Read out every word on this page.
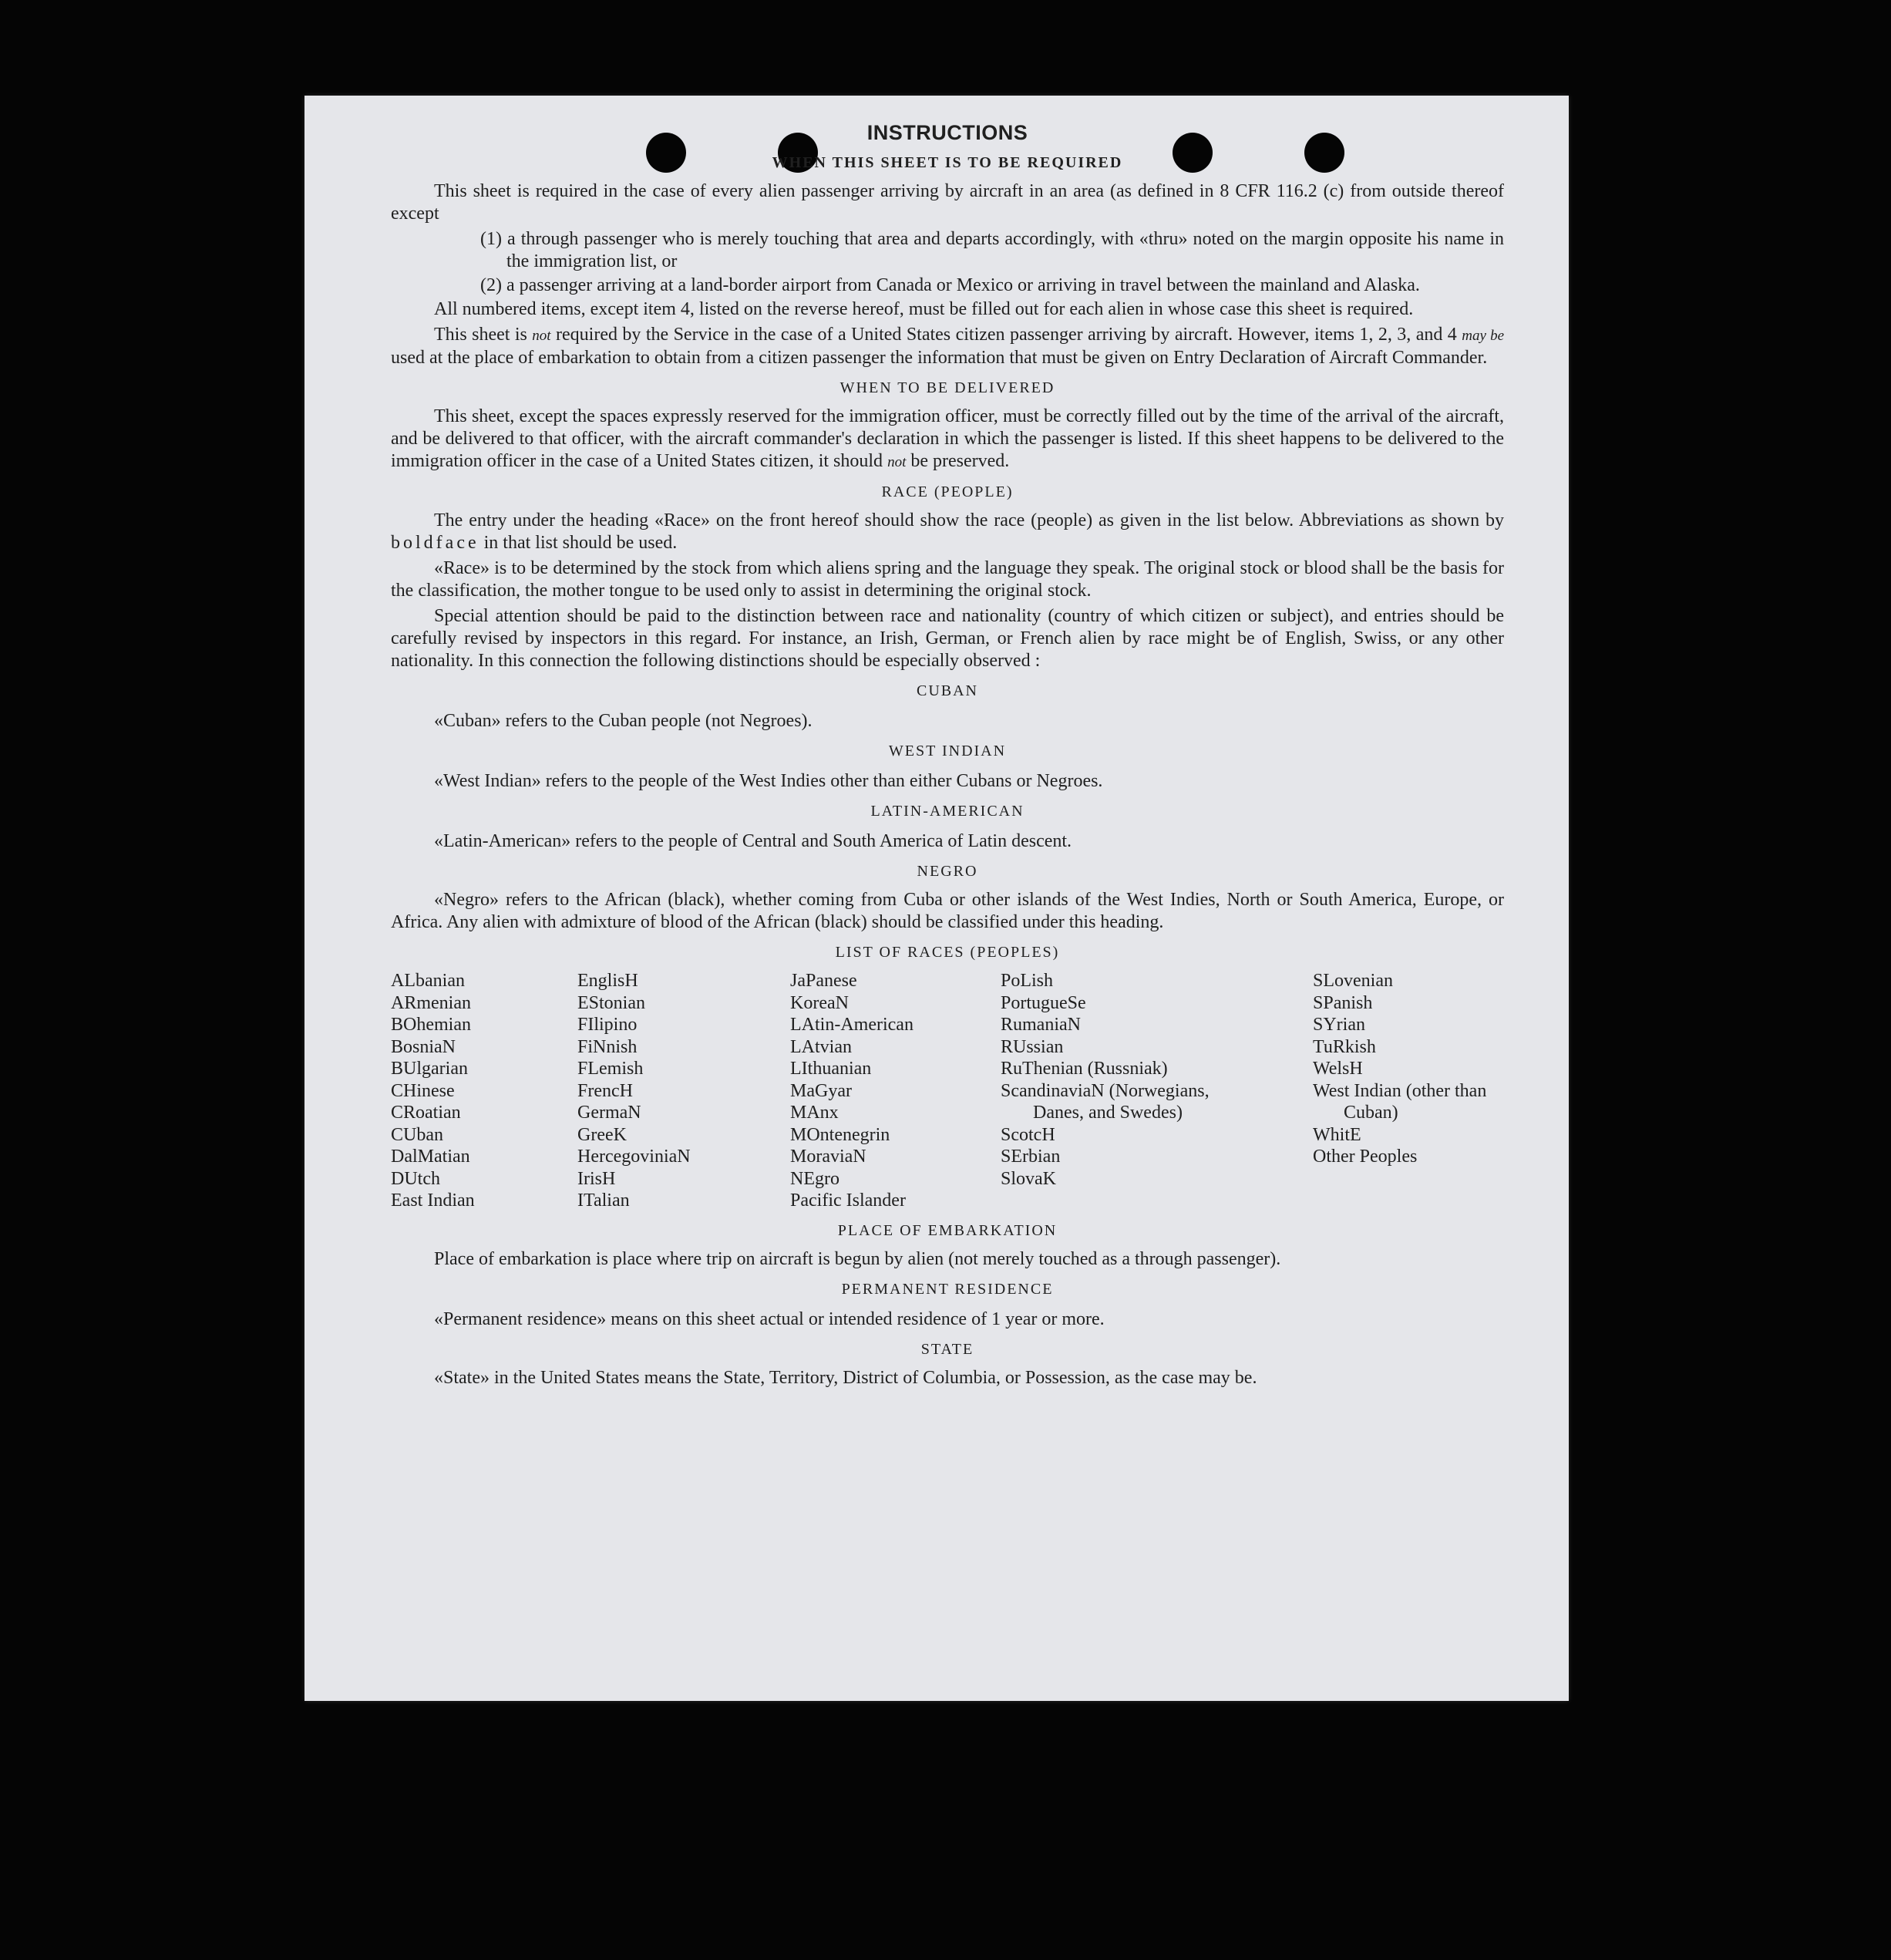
INSTRUCTIONS
WHEN THIS SHEET IS TO BE REQUIRED

This sheet is required in the case of every alien passenger arriving by aircraft in an area (as defined in 8 CFR 116.2 (c) from outside thereof except

(1) a through passenger who is merely touching that area and departs accordingly, with «thru» noted on the margin opposite his name in the immigration list, or
(2) a passenger arriving at a land-border airport from Canada or Mexico or arriving in travel between the mainland and Alaska.

All numbered items, except item 4, listed on the reverse hereof, must be filled out for each alien in whose case this sheet is required.

This sheet is not required by the Service in the case of a United States citizen passenger arriving by aircraft. However, items 1, 2, 3, and 4 may be used at the place of embarkation to obtain from a citizen passenger the information that must be given on Entry Declaration of Aircraft Commander.

WHEN TO BE DELIVERED

This sheet, except the spaces expressly reserved for the immigration officer, must be correctly filled out by the time of the arrival of the aircraft, and be delivered to that officer, with the aircraft commander's declaration in which the passenger is listed. If this sheet happens to be delivered to the immigration officer in the case of a United States citizen, it should not be preserved.

RACE (PEOPLE)

The entry under the heading «Race» on the front hereof should show the race (people) as given in the list below. Abbreviations as shown by boldface in that list should be used.

«Race» is to be determined by the stock from which aliens spring and the language they speak. The original stock or blood shall be the basis for the classification, the mother tongue to be used only to assist in determining the original stock.

Special attention should be paid to the distinction between race and nationality (country of which citizen or subject), and entries should be carefully revised by inspectors in this regard. For instance, an Irish, German, or French alien by race might be of English, Swiss, or any other nationality. In this connection the following distinctions should be especially observed :

CUBAN
«Cuban» refers to the Cuban people (not Negroes).
WEST INDIAN
«West Indian» refers to the people of the West Indies other than either Cubans or Negroes.
LATIN-AMERICAN
«Latin-American» refers to the people of Central and South America of Latin descent.
NEGRO

«Negro» refers to the African (black), whether coming from Cuba or other islands of the West Indies, North or South America, Europe, or Africa. Any alien with admixture of blood of the African (black) should be classified under this heading.

LIST OF RACES (PEOPLES)
ALbanian
ARmenian
BOhemian
BosniaN
BUlgarian
CHinese
CRoatian
CUban
DalMatian
DUtch
East Indian
EnglisH
EStonian
FIlipino
FiNnish
FLemish
FrencH
GermaN
GreeK
HercegovinіaN
IrisH
ITalian
JaPanese
KoreaN
LAtin-American
LAtvian
LIthuanian
MaGyar
MAnx
MOntenegrin
MoraviaN
NEgro
Pacific Islander
PoLish
PortugueSe
RumaniaN
RUssian
RuThenian (Russniak)
ScandinaviaN (Norwegians, Danes, and Swedes)
ScotcH
SErbian
SlovaK
SLovenian
SPanish
SYrian
TuRkish
WelsH
West Indian (other than Cuban)
WhitE
Other Peoples
PLACE OF EMBARKATION

Place of embarkation is place where trip on aircraft is begun by alien (not merely touched as a through passenger).

PERMANENT RESIDENCE
«Permanent residence» means on this sheet actual or intended residence of 1 year or more.
STATE

«State» in the United States means the State, Territory, District of Columbia, or Possession, as the case may be.
